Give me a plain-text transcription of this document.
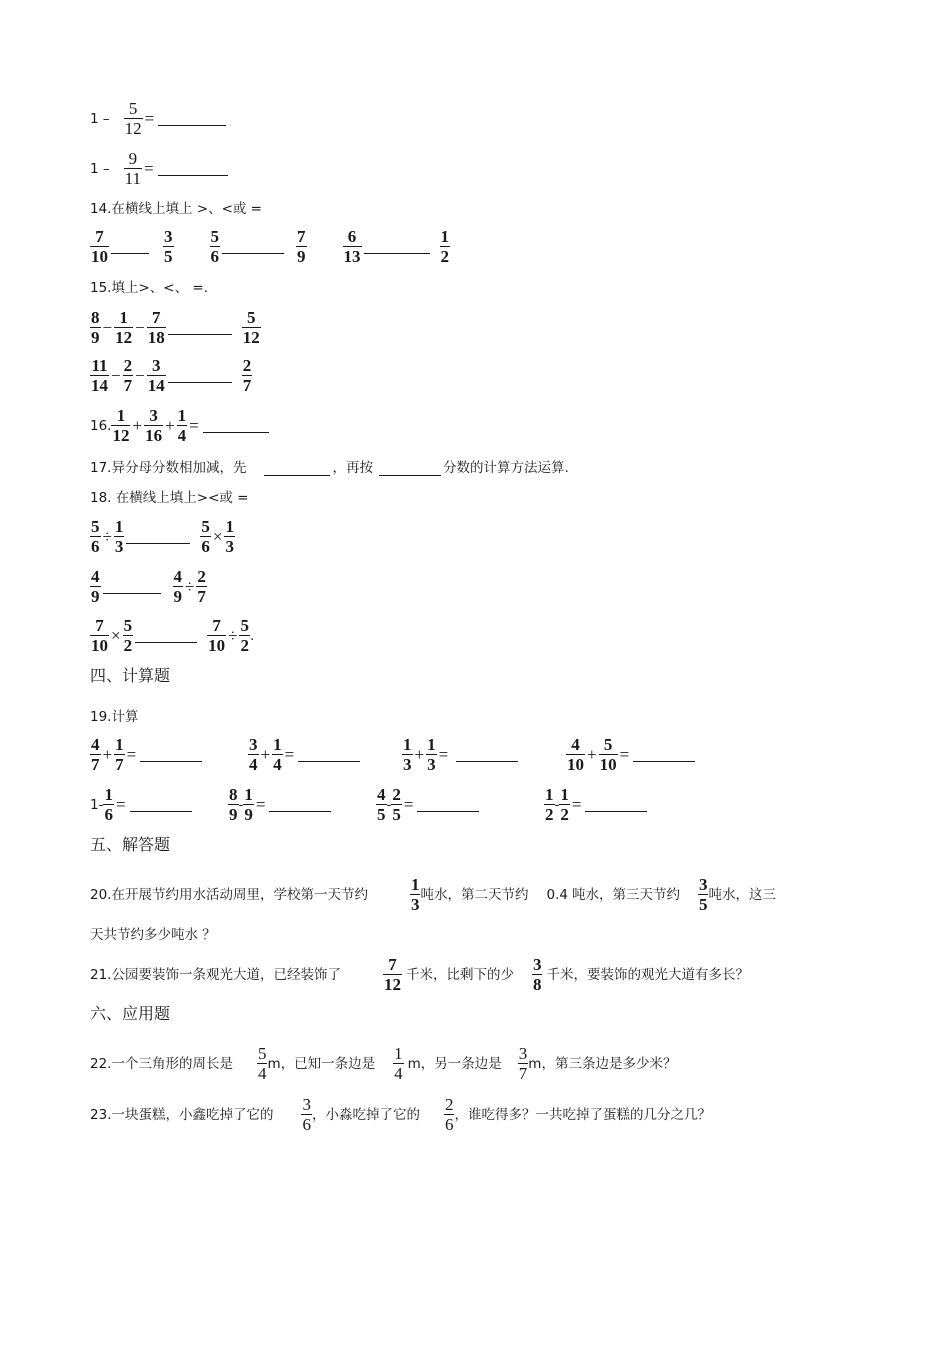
$1 - \frac{5}{12}$ =
$1 - \frac{9}{11}$ =
14.在横线上填上 >、<或 =
$\frac{7}{10}$	$\frac{3}{5} \frac{5}{6}$	$\frac{7}{9} \frac{6}{13}$	$\frac{1}{2}$
15.填上>、<、 =.
$\frac{8}{9} - \frac{1}{12} - \frac{7}{18}$	$\frac{5}{12}$
$\frac{11}{14} - \frac{2}{7} - \frac{3}{14}$	$\frac{2}{7}$
16. $\frac{1}{12} + \frac{3}{16} + \frac{1}{4}$ =
17.异分母分数相加减，先	，再按	分数的计算方法运算.
18. 在横线上填上><或 =
$\frac{5}{6} \div \frac{1}{3}$	$\frac{5}{6} \times \frac{1}{3}$
$\frac{4}{9}$	$\frac{4}{9} \div \frac{2}{7}$
$\frac{7}{10} \times \frac{5}{2}$	$\frac{7}{10} \div \frac{5}{2}$ .
四、计算题
19.计算
$\frac{4}{7} + \frac{1}{7}$ =	$\frac{3}{4} + \frac{1}{4}$ =	$\frac{1}{3} + \frac{1}{3}$ =	$\frac{4}{10} + \frac{5}{10}$ =
$1 - \frac{1}{6}$ =	$\frac{8}{9} - \frac{1}{9}$ =	$\frac{4}{5} - \frac{2}{5}$ =	$\frac{1}{2} - \frac{1}{2}$ =
五、解答题
20.在开展节约用水活动周里，学校第一天节约 $\frac{1}{3}$ 吨水，第二天节约 0.4 吨水，第三天节约 $\frac{3}{5}$ 吨水，这三
天共节约多少吨水 ？
21.公园要装饰一条观光大道，已经装饰了 $\frac{7}{12}$ 千米，比剩下的少 $\frac{3}{8}$ 千米，要装饰的观光大道有多长？
六、应用题
22.一个三角形的周长是 $\frac{5}{4}$ m，已知一条边是 $\frac{1}{4}$ m，另一条边是 $\frac{3}{7}$ m，第三条边是多少米？
23.一块蛋糕，小鑫吃掉了它的 $\frac{3}{6}$ ，小淼吃掉了它的 $\frac{2}{6}$ ，谁吃得多？一共吃掉了蛋糕的几分之几？
